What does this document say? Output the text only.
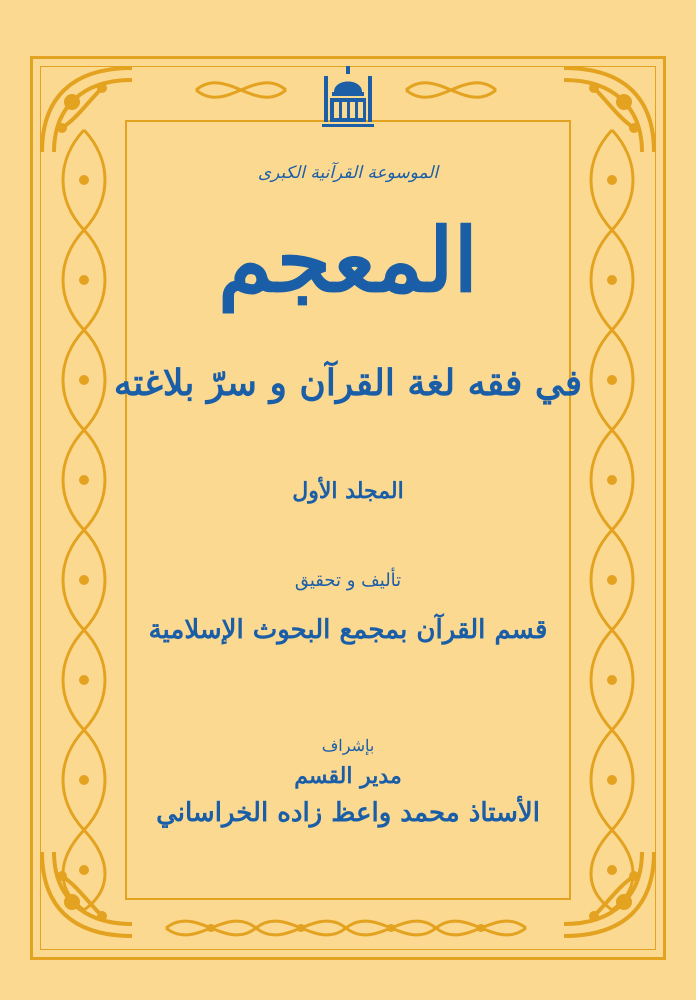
الموسوعة القرآنية الكبرى
المعجم
في فقه لغة القرآن و سرّ بلاغته
المجلد الأول
تأليف و تحقيق
قسم القرآن بمجمع البحوث الإسلامية
بإشراف
مدير القسم
الأستاذ محمد واعظ زاده الخراساني
